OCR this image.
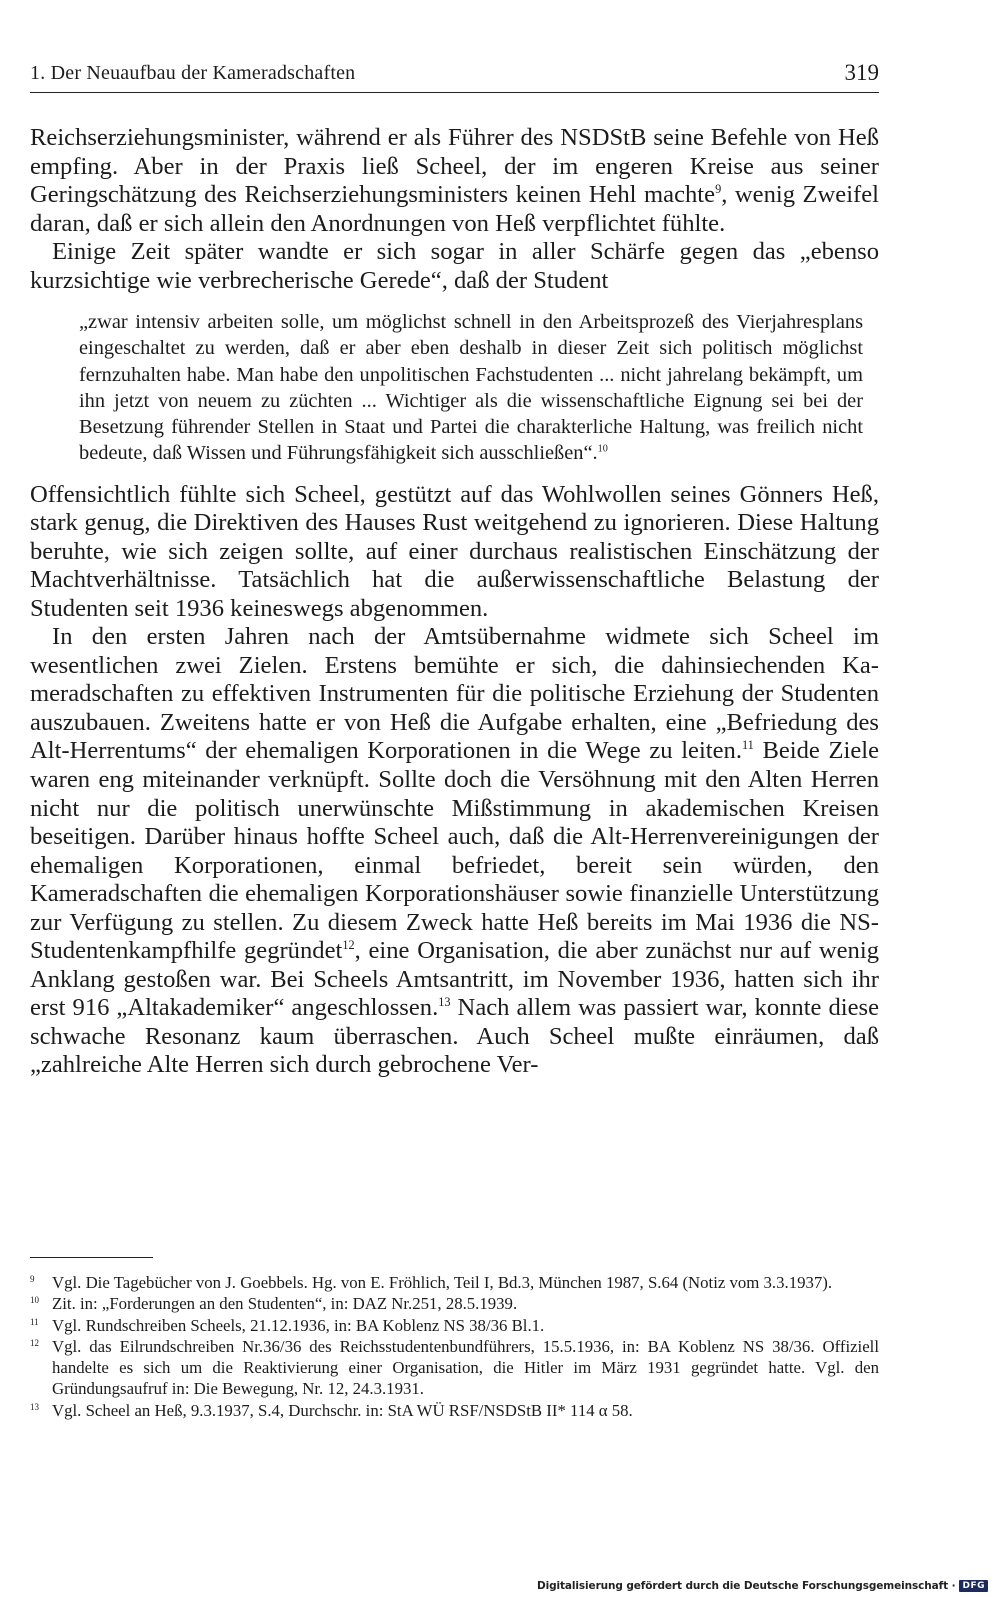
1. Der Neuaufbau der Kameradschaften	319

Reichserziehungsminister, während er als Führer des NSDStB seine Befehle von Heß empfing. Aber in der Praxis ließ Scheel, der im engeren Kreise aus seiner Geringschätzung des Reichserziehungsministers keinen Hehl machte$^9$, wenig Zweifel daran, daß er sich allein den Anordnungen von Heß verpflichtet fühlte.

Einige Zeit später wandte er sich sogar in aller Schärfe gegen das „ebenso kurzsichtige wie verbrecherische Gerede“, daß der Student

„zwar intensiv arbeiten solle, um möglichst schnell in den Arbeitsprozeß des Vierjahresplans eingeschaltet zu werden, daß er aber eben deshalb in dieser Zeit sich politisch möglichst fernzuhalten habe. Man habe den unpolitischen Fachstudenten ... nicht jahrelang bekämpft, um ihn jetzt von neuem zu züchten ... Wichtiger als die wissenschaftliche Eignung sei bei der Besetzung führender Stellen in Staat und Partei die charakterliche Haltung, was freilich nicht bedeute, daß Wissen und Führungsfähigkeit sich ausschließen“.$^{10}$

Offensichtlich fühlte sich Scheel, gestützt auf das Wohlwollen seines Gönners Heß, stark genug, die Direktiven des Hauses Rust weitgehend zu ignorieren. Diese Haltung beruhte, wie sich zeigen sollte, auf einer durchaus realistischen Einschätzung der Machtverhältnisse. Tatsächlich hat die außerwissenschaftliche Belastung der Studenten seit 1936 keineswegs abgenommen.

In den ersten Jahren nach der Amtsübernahme widmete sich Scheel im wesentlichen zwei Zielen. Erstens bemühte er sich, die dahinsiechenden Kameradschaften zu effektiven Instrumenten für die politische Erziehung der Studenten auszubauen. Zweitens hatte er von Heß die Aufgabe erhalten, eine „Befriedung des Alt-Herrentums“ der ehemaligen Korporationen in die Wege zu leiten.$^{11}$ Beide Ziele waren eng miteinander verknüpft. Sollte doch die Versöhnung mit den Alten Herren nicht nur die politisch unerwünschte Mißstimmung in akademischen Kreisen beseitigen. Darüber hinaus hoffte Scheel auch, daß die Alt-Herrenvereinigungen der ehemaligen Korporationen, einmal befriedet, bereit sein würden, den Kameradschaften die ehemaligen Korporationshäuser sowie finanzielle Unterstützung zur Verfügung zu stellen. Zu diesem Zweck hatte Heß bereits im Mai 1936 die NS-Studentenkampfhilfe gegründet$^{12}$, eine Organisation, die aber zunächst nur auf wenig Anklang gestoßen war. Bei Scheels Amtsantritt, im November 1936, hatten sich ihr erst 916 „Altakademiker“ angeschlossen.$^{13}$ Nach allem was passiert war, konnte diese schwache Resonanz kaum überraschen. Auch Scheel mußte einräumen, daß „zahlreiche Alte Herren sich durch gebrochene Ver-

9 Vgl. Die Tagebücher von J. Goebbels. Hg. von E. Fröhlich, Teil I, Bd.3, München 1987, S.64 (Notiz vom 3.3.1937).
10 Zit. in: „Forderungen an den Studenten“, in: DAZ Nr.251, 28.5.1939.
11 Vgl. Rundschreiben Scheels, 21.12.1936, in: BA Koblenz NS 38/36 Bl.1.
12 Vgl. das Eilrundschreiben Nr.36/36 des Reichsstudentenbundführers, 15.5.1936, in: BA Koblenz NS 38/36. Offiziell handelte es sich um die Reaktivierung einer Organisation, die Hitler im März 1931 gegründet hatte. Vgl. den Gründungsaufruf in: Die Bewegung, Nr. 12, 24.3.1931.
13 Vgl. Scheel an Heß, 9.3.1937, S.4, Durchschr. in: StA WÜ RSF/NSDStB II* 114 α 58.
Digitalisierung gefördert durch die Deutsche Forschungsgemeinschaft · DFG
